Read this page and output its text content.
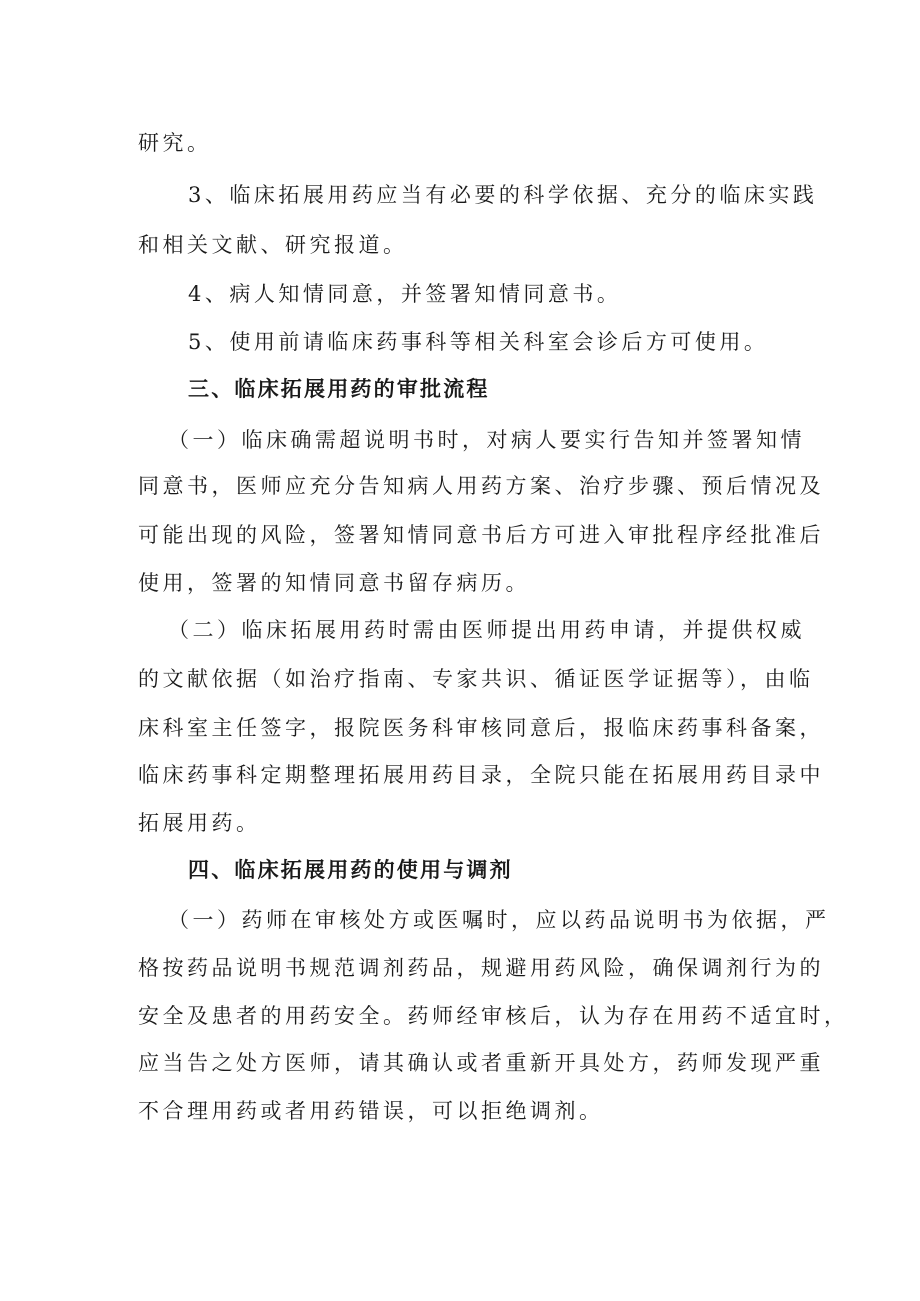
研究。
3、临床拓展用药应当有必要的科学依据、充分的临床实践
和相关文献、研究报道。
4、病人知情同意，并签署知情同意书。
5、使用前请临床药事科等相关科室会诊后方可使用。
三、临床拓展用药的审批流程
（一）临床确需超说明书时，对病人要实行告知并签署知情
同意书，医师应充分告知病人用药方案、治疗步骤、预后情况及
可能出现的风险，签署知情同意书后方可进入审批程序经批准后
使用，签署的知情同意书留存病历。
（二）临床拓展用药时需由医师提出用药申请，并提供权威
的文献依据（如治疗指南、专家共识、循证医学证据等），由临
床科室主任签字，报院医务科审核同意后，报临床药事科备案，
临床药事科定期整理拓展用药目录，全院只能在拓展用药目录中
拓展用药。
四、临床拓展用药的使用与调剂
（一）药师在审核处方或医嘱时，应以药品说明书为依据，严
格按药品说明书规范调剂药品，规避用药风险，确保调剂行为的
安全及患者的用药安全。药师经审核后，认为存在用药不适宜时，
应当告之处方医师，请其确认或者重新开具处方，药师发现严重
不合理用药或者用药错误，可以拒绝调剂。
